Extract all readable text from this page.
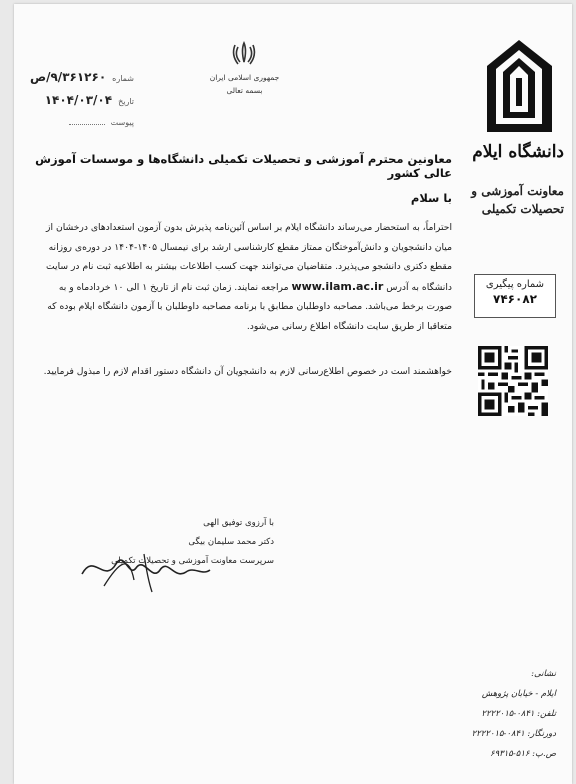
شماره ۹/۳۶۱۲۶۰/ص
تاریخ ۱۴۰۴/۰۳/۰۴
پیوست
جمهوری اسلامی ایران
بسمه تعالی
دانشگاه ایلام
معاونت آموزشی و
تحصیلات تکمیلی
شماره پیگیری
۷۴۶۰۸۲
معاونین محترم آموزشی و تحصیلات تکمیلی دانشگاه‌ها و موسسات آموزش عالی کشور
با سلام
احتراماً، به استحضار می‌رساند دانشگاه ایلام بر اساس آئین‌نامه پذیرش بدون آزمون استعدادهای درخشان از میان دانشجویان و دانش‌آموختگان ممتاز مقطع کارشناسی ارشد برای نیمسال ۱۴۰۵-۱۴۰۴ در دوره‌ی روزانه مقطع دکتری دانشجو می‌پذیرد. متقاضیان می‌توانند جهت کسب اطلاعات بیشتر به اطلاعیه ثبت نام در سایت دانشگاه به آدرس www.ilam.ac.ir مراجعه نمایند. زمان ثبت نام از تاریخ ۱ الی ۱۰ خردادماه و به صورت برخط می‌باشد. مصاحبه داوطلبان مطابق با برنامه مصاحبه داوطلبان با آزمون دانشگاه ایلام بوده که متعاقبا از طریق سایت دانشگاه اطلاع رسانی می‌شود.
خواهشمند است در خصوص اطلاع‌رسانی لازم به دانشجویان آن دانشگاه دستور اقدام لازم را مبذول فرمایید.
با آرزوی توفیق الهی
دکتر محمد سلیمان بیگی
سرپرست معاونت آموزشی و تحصیلات تکمیلی
نشانی:
ایلام - خیابان پژوهش
تلفن: ۰۸۴۱-۲۲۲۲۰۱۵
دورنگار: ۰۸۴۱-۲۲۲۲۰۱۵
ص.پ: ۵۱۶-۶۹۳۱۵
